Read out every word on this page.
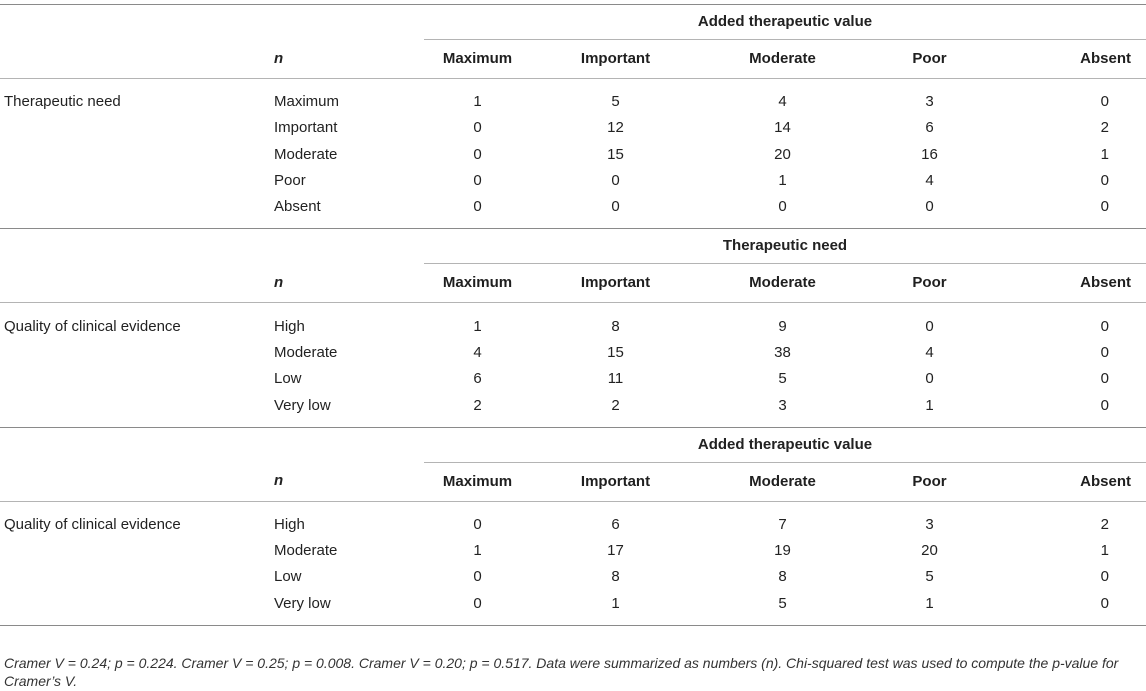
		Added therapeutic value				
	n	Maximum	Important	Moderate	Poor	Absent
Therapeutic need	Maximum	1	5	4	3	0
	Important	0	12	14	6	2
	Moderate	0	15	20	16	1
	Poor	0	0	1	4	0
	Absent	0	0	0	0	0
		Therapeutic need				
	n	Maximum	Important	Moderate	Poor	Absent
Quality of clinical evidence	High	1	8	9	0	0
	Moderate	4	15	38	4	0
	Low	6	11	5	0	0
	Very low	2	2	3	1	0
		Added therapeutic value				
	n	Maximum	Important	Moderate	Poor	Absent
Quality of clinical evidence	High	0	6	7	3	2
	Moderate	1	17	19	20	1
	Low	0	8	8	5	0
	Very low	0	1	5	1	0
Cramer V = 0.24; p = 0.224. Cramer V = 0.25; p = 0.008. Cramer V = 0.20; p = 0.517. Data were summarized as numbers (n). Chi-squared test was used to compute the p-value for Cramer’s V.
